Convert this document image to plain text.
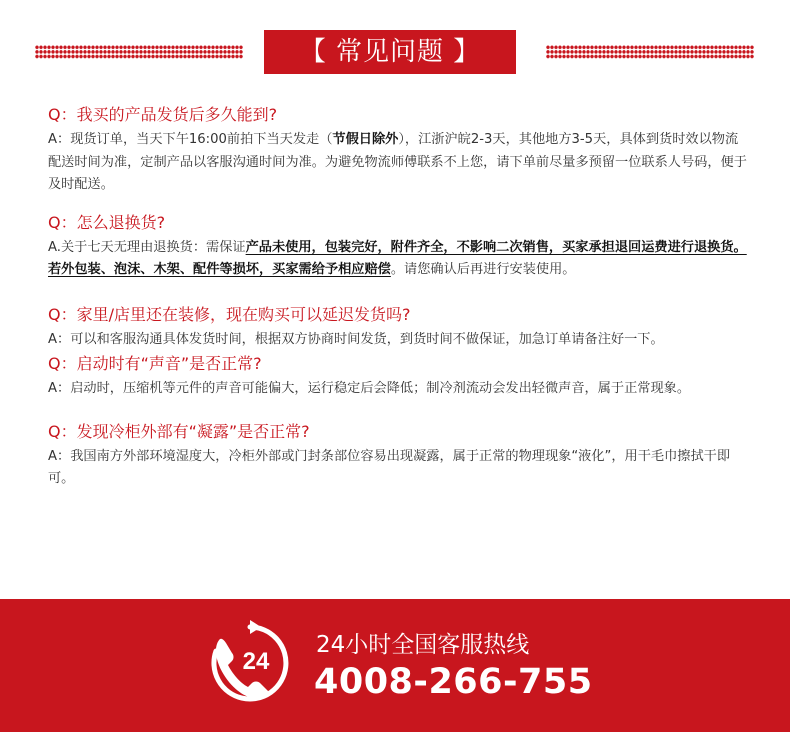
【 常见问题 】

Q：我买的产品发货后多久能到?

A：现货订单，当天下午16:00前拍下当天发走（节假日除外），江浙沪皖2-3天，其他地方3-5天，具体到货时效以物流配送时间为准，定制产品以客服沟通时间为准。为避免物流师傅联系不上您，请下单前尽量多预留一位联系人号码，便于及时配送。

Q：怎么退换货?

A.关于七天无理由退换货：需保证产品未使用，包装完好，附件齐全，不影响二次销售，买家承担退回运费进行退换货。若外包装、泡沫、木架、配件等损坏，买家需给予相应赔偿。请您确认后再进行安装使用。

Q：家里/店里还在装修，现在购买可以延迟发货吗?

A：可以和客服沟通具体发货时间，根据双方协商时间发货，到货时间不做保证，加急订单请备注好一下。

Q：启动时有“声音”是否正常?

A：启动时，压缩机等元件的声音可能偏大，运行稳定后会降低；制冷剂流动会发出轻微声音，属于正常现象。

Q：发现冷柜外部有“凝露”是否正常?

A：我国南方外部环境湿度大，冷柜外部或门封条部位容易出现凝露，属于正常的物理现象“液化”，用干毛巾擦拭干即可。

24
24小时全国客服热线
4008-266-755
